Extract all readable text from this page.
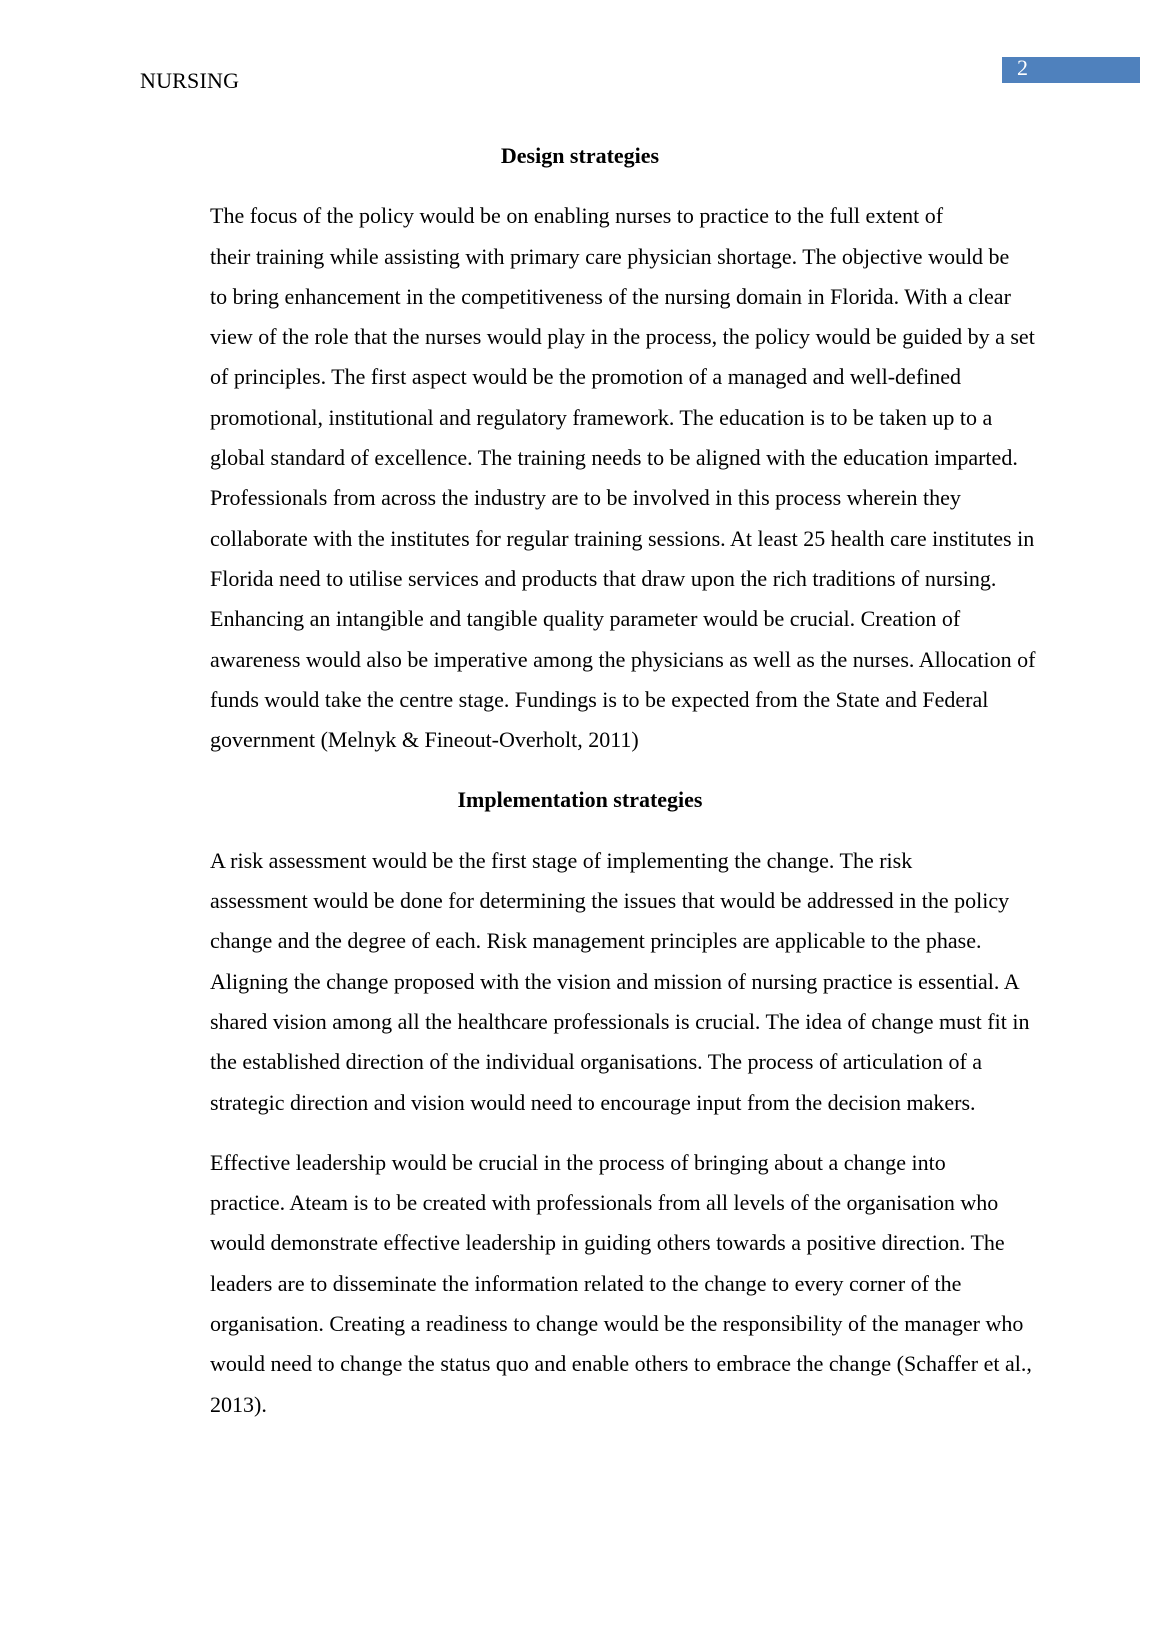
NURSING
2
Design strategies
The focus of the policy would be on enabling nurses to practice to the full extent of
their training while assisting with primary care physician shortage. The objective would be
to bring enhancement in the competitiveness of the nursing domain in Florida. With a clear
view of the role that the nurses would play in the process, the policy would be guided by a set
of principles. The first aspect would be the promotion of a managed and well-defined
promotional, institutional and regulatory framework. The education is to be taken up to a
global standard of excellence. The training needs to be aligned with the education imparted.
Professionals from across the industry are to be involved in this process wherein they
collaborate with the institutes for regular training sessions. At least 25 health care institutes in
Florida need to utilise services and products that draw upon the rich traditions of nursing.
Enhancing an intangible and tangible quality parameter would be crucial. Creation of
awareness would also be imperative among the physicians as well as the nurses. Allocation of
funds would take the centre stage. Fundings is to be expected from the State and Federal
government (Melnyk & Fineout-Overholt, 2011)
Implementation strategies
A risk assessment would be the first stage of implementing the change. The risk
assessment would be done for determining the issues that would be addressed in the policy
change and the degree of each. Risk management principles are applicable to the phase.
Aligning the change proposed with the vision and mission of nursing practice is essential. A
shared vision among all the healthcare professionals is crucial. The idea of change must fit in
the established direction of the individual organisations. The process of articulation of a
strategic direction and vision would need to encourage input from the decision makers.
Effective leadership would be crucial in the process of bringing about a change into
practice. Ateam is to be created with professionals from all levels of the organisation who
would demonstrate effective leadership in guiding others towards a positive direction. The
leaders are to disseminate the information related to the change to every corner of the
organisation. Creating a readiness to change would be the responsibility of the manager who
would need to change the status quo and enable others to embrace the change (Schaffer et al.,
2013).
